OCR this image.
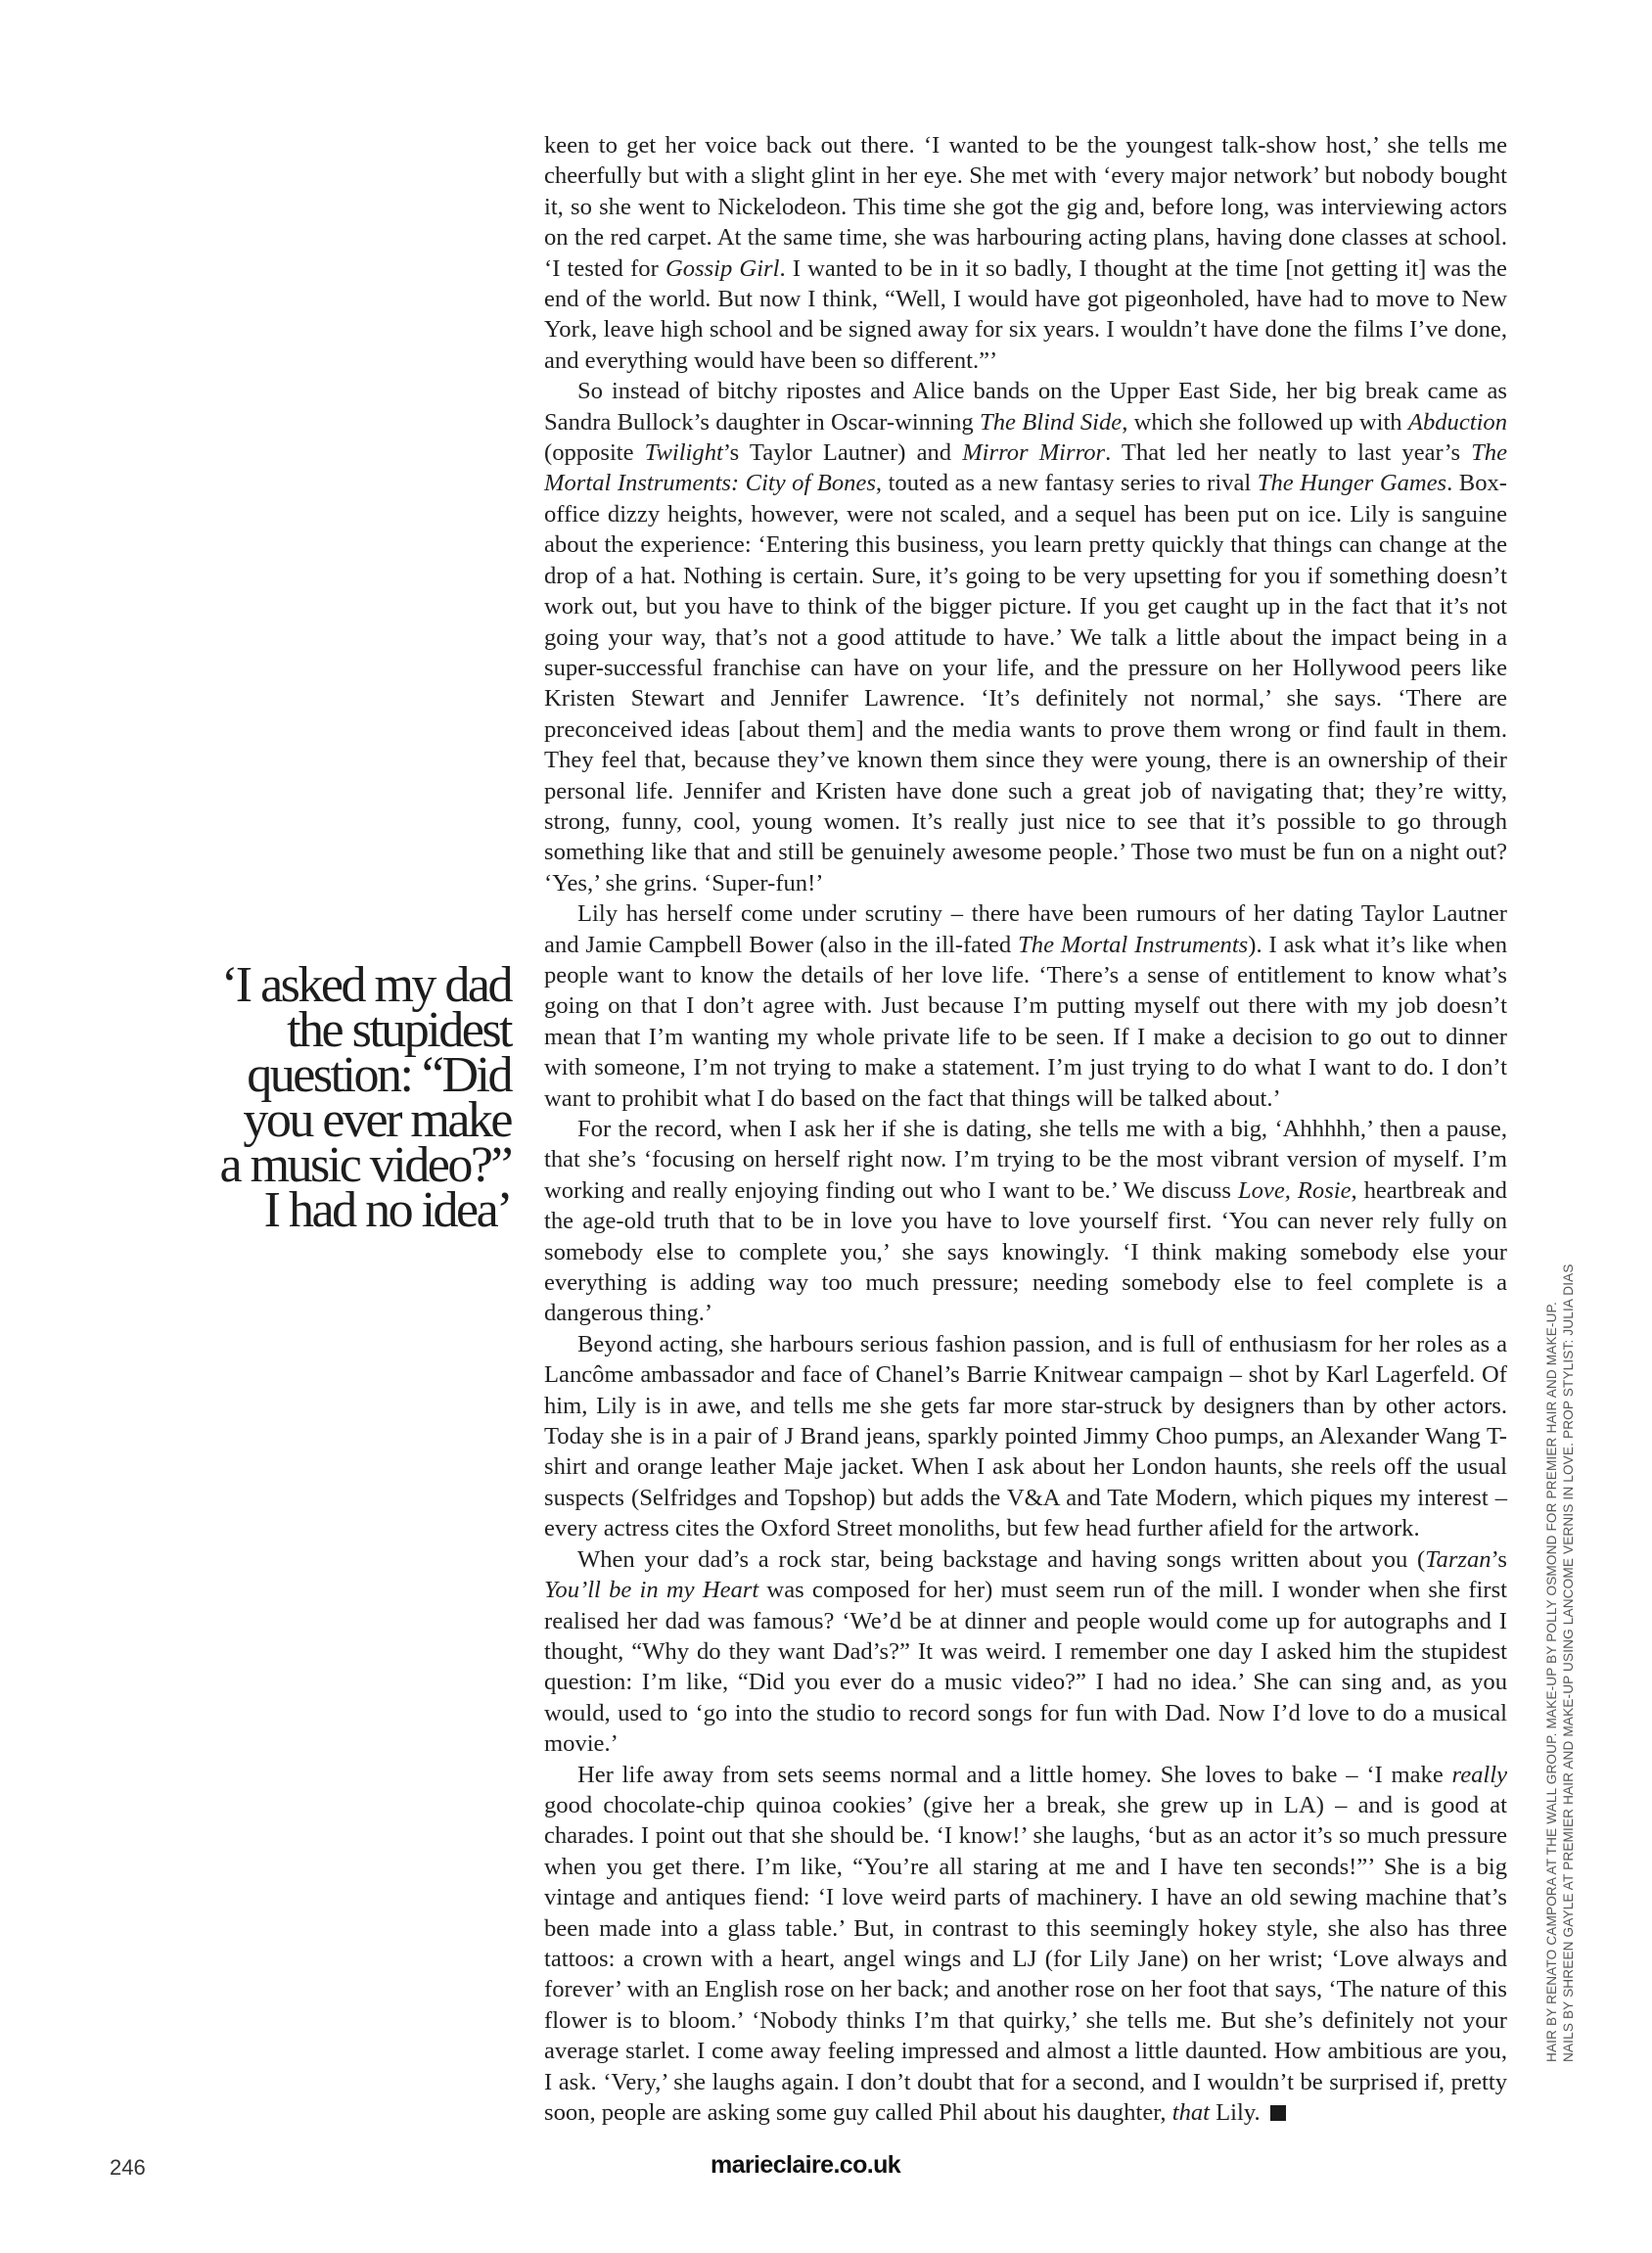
‘I asked my dad
the stupidest
question: “Did
you ever make
a music video?”
I had no idea’

keen to get her voice back out there. ‘I wanted to be the youngest talk-show host,’ she tells me cheerfully but with a slight glint in her eye. She met with ‘every major network’ but nobody bought it, so she went to Nickelodeon. This time she got the gig and, before long, was interviewing actors on the red carpet. At the same time, she was harbouring acting plans, having done classes at school. ‘I tested for Gossip Girl. I wanted to be in it so badly, I thought at the time [not getting it] was the end of the world. But now I think, “Well, I would have got pigeonholed, have had to move to New York, leave high school and be signed away for six years. I wouldn’t have done the films I’ve done, and everything would have been so different.”’

So instead of bitchy ripostes and Alice bands on the Upper East Side, her big break came as Sandra Bullock’s daughter in Oscar-winning The Blind Side, which she followed up with Abduction (opposite Twilight’s Taylor Lautner) and Mirror Mirror. That led her neatly to last year’s The Mortal Instruments: City of Bones, touted as a new fantasy series to rival The Hunger Games. Box-office dizzy heights, however, were not scaled, and a sequel has been put on ice. Lily is sanguine about the experience: ‘Entering this business, you learn pretty quickly that things can change at the drop of a hat. Nothing is certain. Sure, it’s going to be very upsetting for you if something doesn’t work out, but you have to think of the bigger picture. If you get caught up in the fact that it’s not going your way, that’s not a good attitude to have.’ We talk a little about the impact being in a super-successful franchise can have on your life, and the pressure on her Hollywood peers like Kristen Stewart and Jennifer Lawrence. ‘It’s definitely not normal,’ she says. ‘There are preconceived ideas [about them] and the media wants to prove them wrong or find fault in them. They feel that, because they’ve known them since they were young, there is an ownership of their personal life. Jennifer and Kristen have done such a great job of navigating that; they’re witty, strong, funny, cool, young women. It’s really just nice to see that it’s possible to go through something like that and still be genuinely awesome people.’ Those two must be fun on a night out? ‘Yes,’ she grins. ‘Super-fun!’

Lily has herself come under scrutiny – there have been rumours of her dating Taylor Lautner and Jamie Campbell Bower (also in the ill-fated The Mortal Instruments). I ask what it’s like when people want to know the details of her love life. ‘There’s a sense of entitlement to know what’s going on that I don’t agree with. Just because I’m putting myself out there with my job doesn’t mean that I’m wanting my whole private life to be seen. If I make a decision to go out to dinner with someone, I’m not trying to make a statement. I’m just trying to do what I want to do. I don’t want to prohibit what I do based on the fact that things will be talked about.’

For the record, when I ask her if she is dating, she tells me with a big, ‘Ahhhhh,’ then a pause, that she’s ‘focusing on herself right now. I’m trying to be the most vibrant version of myself. I’m working and really enjoying finding out who I want to be.’ We discuss Love, Rosie, heartbreak and the age-old truth that to be in love you have to love yourself first. ‘You can never rely fully on somebody else to complete you,’ she says knowingly. ‘I think making somebody else your everything is adding way too much pressure; needing somebody else to feel complete is a dangerous thing.’

Beyond acting, she harbours serious fashion passion, and is full of enthusiasm for her roles as a Lancôme ambassador and face of Chanel’s Barrie Knitwear campaign – shot by Karl Lagerfeld. Of him, Lily is in awe, and tells me she gets far more star-struck by designers than by other actors. Today she is in a pair of J Brand jeans, sparkly pointed Jimmy Choo pumps, an Alexander Wang T-shirt and orange leather Maje jacket. When I ask about her London haunts, she reels off the usual suspects (Selfridges and Topshop) but adds the V&A and Tate Modern, which piques my interest – every actress cites the Oxford Street monoliths, but few head further afield for the artwork.

When your dad’s a rock star, being backstage and having songs written about you (Tarzan’s You’ll be in my Heart was composed for her) must seem run of the mill. I wonder when she first realised her dad was famous? ‘We’d be at dinner and people would come up for autographs and I thought, “Why do they want Dad’s?” It was weird. I remember one day I asked him the stupidest question: I’m like, “Did you ever do a music video?” I had no idea.’ She can sing and, as you would, used to ‘go into the studio to record songs for fun with Dad. Now I’d love to do a musical movie.’

Her life away from sets seems normal and a little homey. She loves to bake – ‘I make really good chocolate-chip quinoa cookies’ (give her a break, she grew up in LA) – and is good at charades. I point out that she should be. ‘I know!’ she laughs, ‘but as an actor it’s so much pressure when you get there. I’m like, “You’re all staring at me and I have ten seconds!”’ She is a big vintage and antiques fiend: ‘I love weird parts of machinery. I have an old sewing machine that’s been made into a glass table.’ But, in contrast to this seemingly hokey style, she also has three tattoos: a crown with a heart, angel wings and LJ (for Lily Jane) on her wrist; ‘Love always and forever’ with an English rose on her back; and another rose on her foot that says, ‘The nature of this flower is to bloom.’ ‘Nobody thinks I’m that quirky,’ she tells me. But she’s definitely not your average starlet. I come away feeling impressed and almost a little daunted. How ambitious are you, I ask. ‘Very,’ she laughs again. I don’t doubt that for a second, and I wouldn’t be surprised if, pretty soon, people are asking some guy called Phil about his daughter, that Lily.

246	marieclaire.co.uk
HAIR BY RENATO CAMPORA AT THE WALL GROUP. MAKE-UP BY POLLY OSMOND FOR PREMIER HAIR AND MAKE-UP. NAILS BY SHREEN GAYLE AT PREMIER HAIR AND MAKE-UP USING LANCOME VERNIS IN LOVE. PROP STYLIST: JULIA DIAS
